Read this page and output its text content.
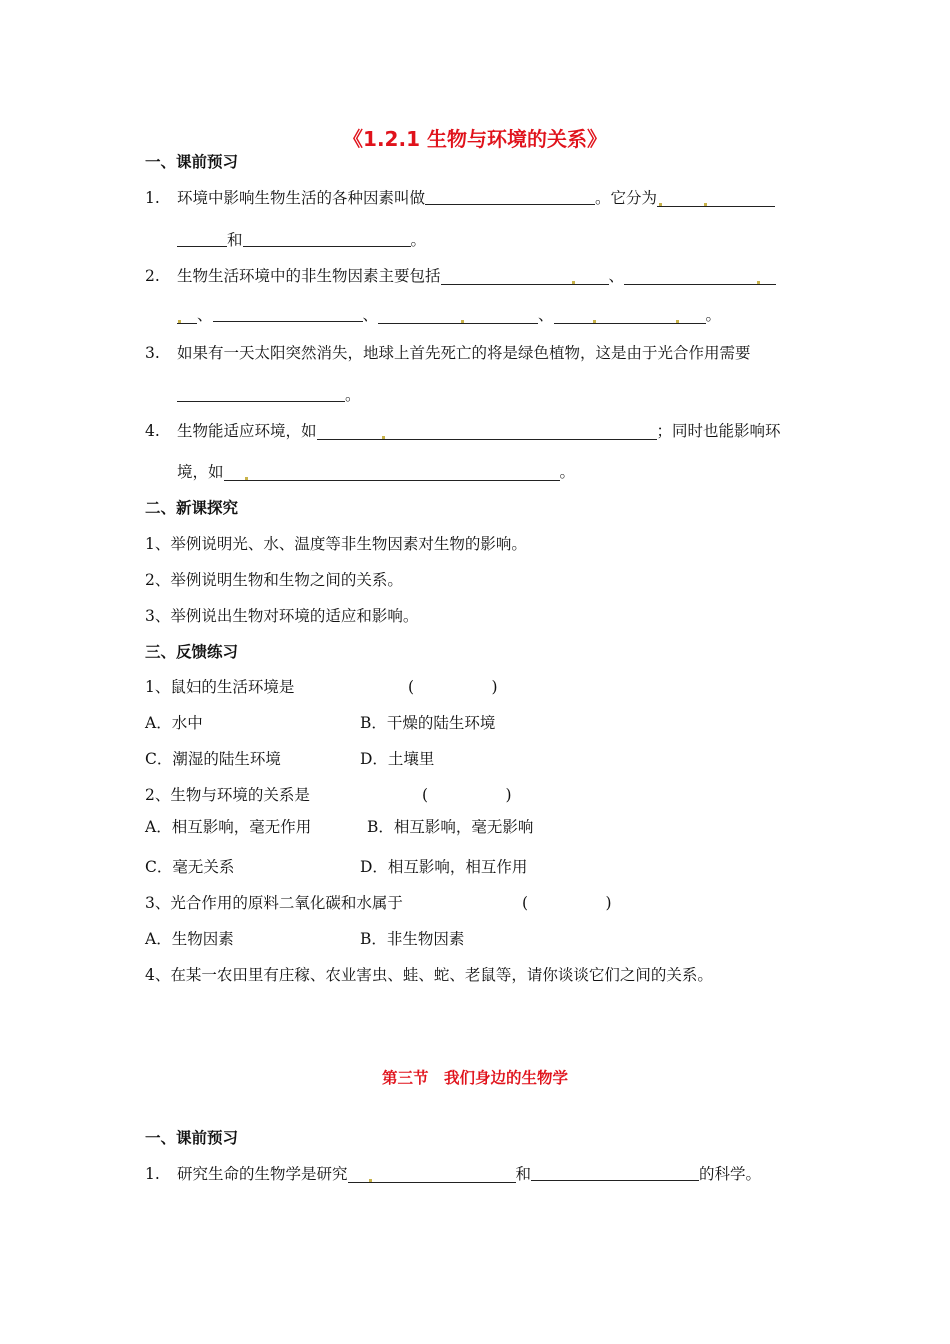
《1.2.1 生物与环境的关系》
一、课前预习
1. 环境中影响生物生活的各种因素叫做	。它分为
和	。
2. 生物生活环境中的非生物因素主要包括	、
、	、	、	。
3. 如果有一天太阳突然消失，地球上首先死亡的将是绿色植物，这是由于光合作用需要
。
4. 生物能适应环境，如	；同时也能影响环
境，如	。
二、新课探究
1、举例说明光、水、温度等非生物因素对生物的影响。
2、举例说明生物和生物之间的关系。
3、举例说出生物对环境的适应和影响。
三、反馈练习
1、鼠妇的生活环境是	(　　　　　)
A．水中	B．干燥的陆生环境
C．潮湿的陆生环境	D．土壤里
2、生物与环境的关系是	(　　　　　)
A．相互影响，毫无作用	B．相互影响，毫无影响
C．毫无关系	D．相互影响，相互作用
3、光合作用的原料二氧化碳和水属于	(　　　　　)
A．生物因素	B．非生物因素
4、在某一农田里有庄稼、农业害虫、蛙、蛇、老鼠等，请你谈谈它们之间的关系。
第三节　我们身边的生物学
一、课前预习
1. 研究生命的生物学是研究	和	的科学。
